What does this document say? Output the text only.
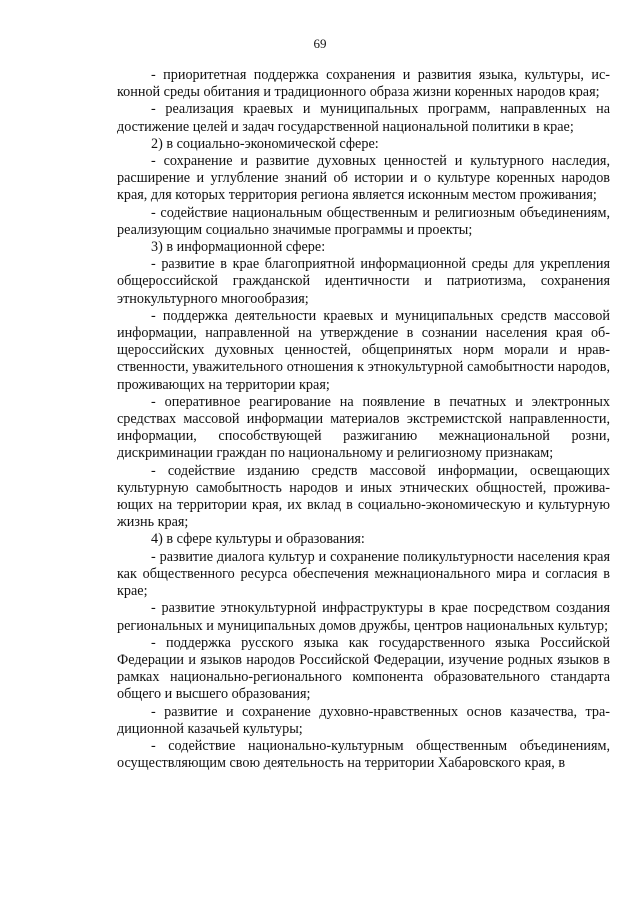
69

- приоритетная поддержка сохранения и развития языка, культуры, исконной среды обитания и традиционного образа жизни коренных народов края;

- реализация краевых и муниципальных программ, направленных на достижение целей и задач государственной национальной политики в крае;

2) в социально-экономической сфере:

- сохранение и развитие духовных ценностей и культурного наследия, расширение и углубление знаний об истории и о культуре коренных народов края, для которых территория региона является исконным местом проживания;

- содействие национальным общественным и религиозным объединениям, реализующим социально значимые программы и проекты;

3) в информационной сфере:

- развитие в крае благоприятной информационной среды для укрепления общероссийской гражданской идентичности и патриотизма, сохранения этнокультурного многообразия;

- поддержка деятельности краевых и муниципальных средств массовой информации, направленной на утверждение в сознании населения края общероссийских духовных ценностей, общепринятых норм морали и нравственности, уважительного отношения к этнокультурной самобытности народов, проживающих на территории края;

- оперативное реагирование на появление в печатных и электронных средствах массовой информации материалов экстремистской направленности, информации, способствующей разжиганию межнациональной розни, дискриминации граждан по национальному и религиозному признакам;

- содействие изданию средств массовой информации, освещающих культурную самобытность народов и иных этнических общностей, проживающих на территории края, их вклад в социально-экономическую и культурную жизнь края;

4) в сфере культуры и образования:

- развитие диалога культур и сохранение поликультурности населения края как общественного ресурса обеспечения межнационального мира и согласия в крае;

- развитие этнокультурной инфраструктуры в крае посредством создания региональных и муниципальных домов дружбы, центров национальных культур;

- поддержка русского языка как государственного языка Российской Федерации и языков народов Российской Федерации, изучение родных языков в рамках национально-регионального компонента образовательного стандарта общего и высшего образования;

- развитие и сохранение духовно-нравственных основ казачества, традиционной казачьей культуры;

- содействие национально-культурным общественным объединениям, осуществляющим свою деятельность на территории Хабаровского края, в
